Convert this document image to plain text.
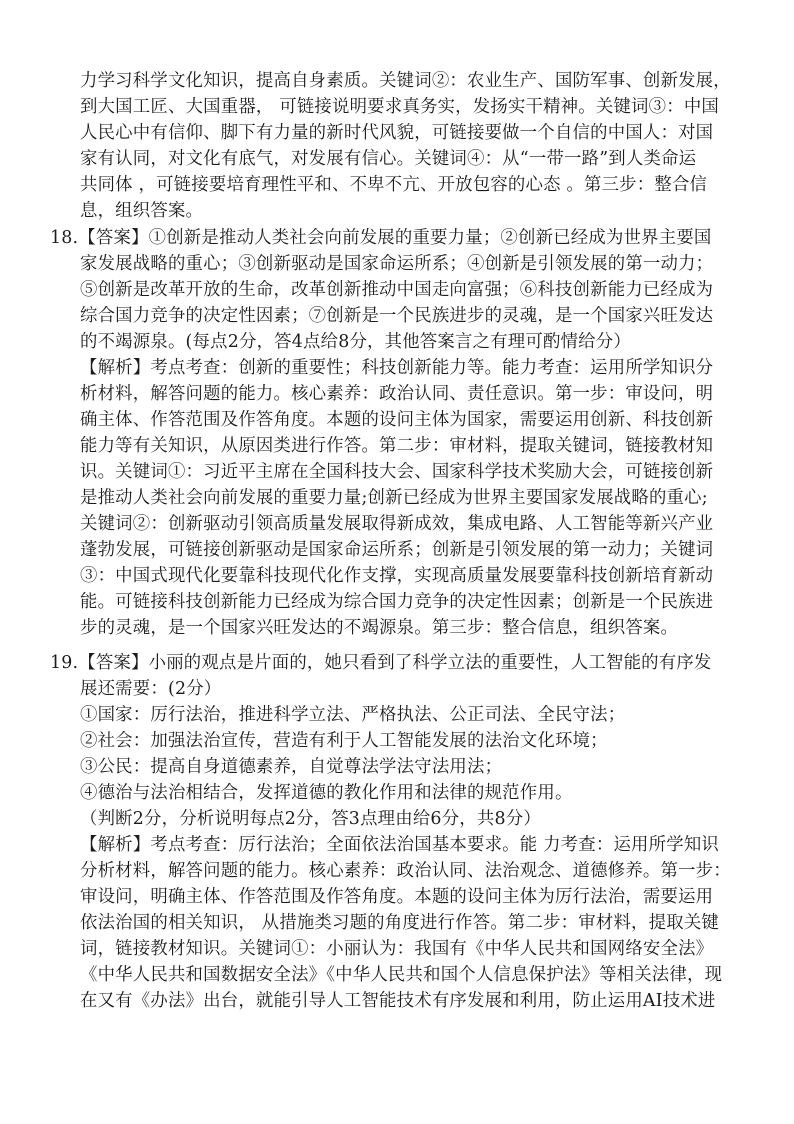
力学习科学文化知识，提高自身素质。关键词②：农业生产、国防军事、创新发展，
到大国工匠、大国重器， 可链接说明要求真务实，发扬实干精神。关键词③：中国
人民心中有信仰、脚下有力量的新时代风貌，可链接要做一个自信的中国人：对国
家有认同，对文化有底气，对发展有信心。关键词④：从“一带一路”到人类命运
共同体 ，可链接要培育理性平和、不卑不亢、开放包容的心态 。第三步：整合信
息，组织答案。
18.【答案】①创新是推动人类社会向前发展的重要力量；②创新已经成为世界主要国
家发展战略的重心；③创新驱动是国家命运所系；④创新是引领发展的第一动力；
⑤创新是改革开放的生命，改革创新推动中国走向富强；⑥科技创新能力已经成为
综合国力竞争的决定性因素；⑦创新是一个民族进步的灵魂，是一个国家兴旺发达
的不竭源泉。(每点2分，答4点给8分，其他答案言之有理可酌情给分）
【解析】考点考查：创新的重要性；科技创新能力等。能力考查：运用所学知识分
析材料，解答问题的能力。核心素养：政治认同、责任意识。第一步：审设问，明
确主体、作答范围及作答角度。本题的设问主体为国家，需要运用创新、科技创新
能力等有关知识，从原因类进行作答。第二步：审材料，提取关键词，链接教材知
识。关键词①：习近平主席在全国科技大会、国家科学技术奖励大会，可链接创新
是推动人类社会向前发展的重要力量;创新已经成为世界主要国家发展战略的重心;
关键词②：创新驱动引领高质量发展取得新成效，集成电路、人工智能等新兴产业
蓬勃发展，可链接创新驱动是国家命运所系；创新是引领发展的第一动力；关键词
③：中国式现代化要靠科技现代化作支撑，实现高质量发展要靠科技创新培育新动
能。可链接科技创新能力已经成为综合国力竞争的决定性因素；创新是一个民族进
步的灵魂，是一个国家兴旺发达的不竭源泉。第三步：整合信息，组织答案。
19.【答案】小丽的观点是片面的，她只看到了科学立法的重要性，人工智能的有序发
展还需要：(2分）
①国家：厉行法治，推进科学立法、严格执法、公正司法、全民守法；
②社会：加强法治宣传，营造有利于人工智能发展的法治文化环境；
③公民：提高自身道德素养，自觉尊法学法守法用法；
④德治与法治相结合，发挥道德的教化作用和法律的规范作用。
（判断2分，分析说明每点2分，答3点理由给6分，共8分）
【解析】考点考查：厉行法治；全面依法治国基本要求。能 力考查：运用所学知识
分析材料，解答问题的能力。核心素养：政治认同、法治观念、道德修养。第一步：
审设问，明确主体、作答范围及作答角度。本题的设问主体为厉行法治，需要运用
依法治国的相关知识， 从措施类习题的角度进行作答。第二步：审材料，提取关键
词，链接教材知识。关键词①：小丽认为：我国有《中华人民共和国网络安全法》
《中华人民共和国数据安全法》《中华人民共和国个人信息保护法》等相关法律，现
在又有《办法》出台，就能引导人工智能技术有序发展和利用，防止运用AI技术进
